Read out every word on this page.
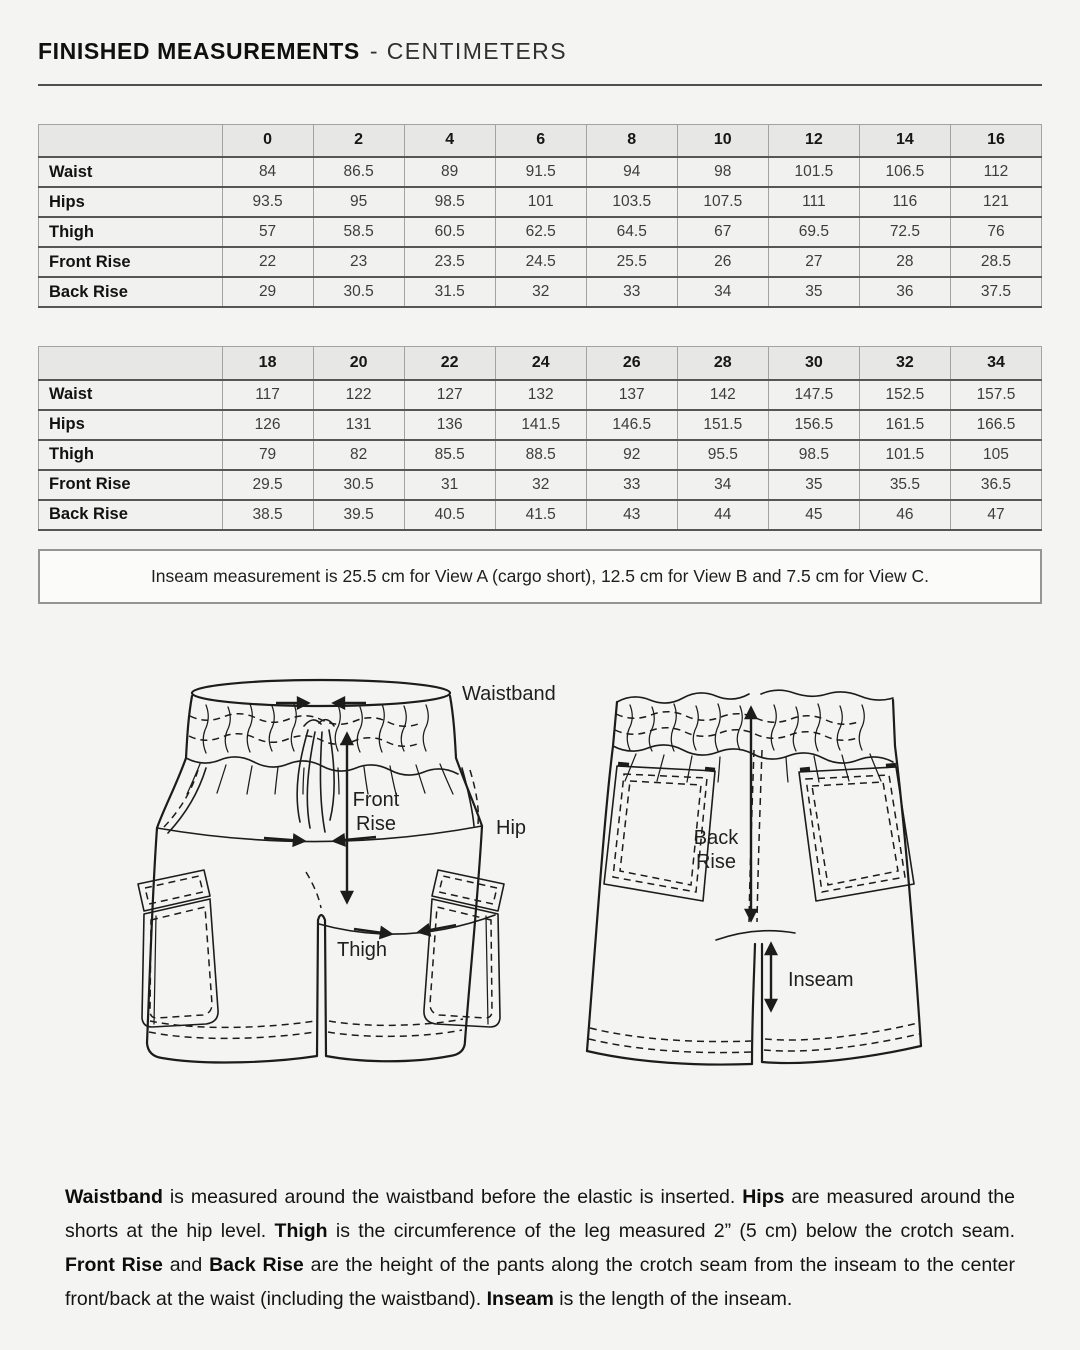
FINISHED MEASUREMENTS - CENTIMETERS
	0	2	4	6	8	10	12	14	16
Waist	84	86.5	89	91.5	94	98	101.5	106.5	112
Hips	93.5	95	98.5	101	103.5	107.5	111	116	121
Thigh	57	58.5	60.5	62.5	64.5	67	69.5	72.5	76
Front Rise	22	23	23.5	24.5	25.5	26	27	28	28.5
Back Rise	29	30.5	31.5	32	33	34	35	36	37.5
	18	20	22	24	26	28	30	32	34
Waist	117	122	127	132	137	142	147.5	152.5	157.5
Hips	126	131	136	141.5	146.5	151.5	156.5	161.5	166.5
Thigh	79	82	85.5	88.5	92	95.5	98.5	101.5	105
Front Rise	29.5	30.5	31	32	33	34	35	35.5	36.5
Back Rise	38.5	39.5	40.5	41.5	43	44	45	46	47
Inseam measurement is 25.5 cm for View A (cargo short), 12.5 cm for View B and 7.5 cm for View C.
Waistband
Front
Rise	Hip
Thigh
Back
Rise
Inseam

Waistband is measured around the waistband before the elastic is inserted. Hips are measured around the shorts at the hip level. Thigh is the circumference of the leg measured 2” (5 cm) below the crotch seam. Front Rise and Back Rise are the height of the pants along the crotch seam from the inseam to the center front/back at the waist (including the waistband). Inseam is the length of the inseam.
